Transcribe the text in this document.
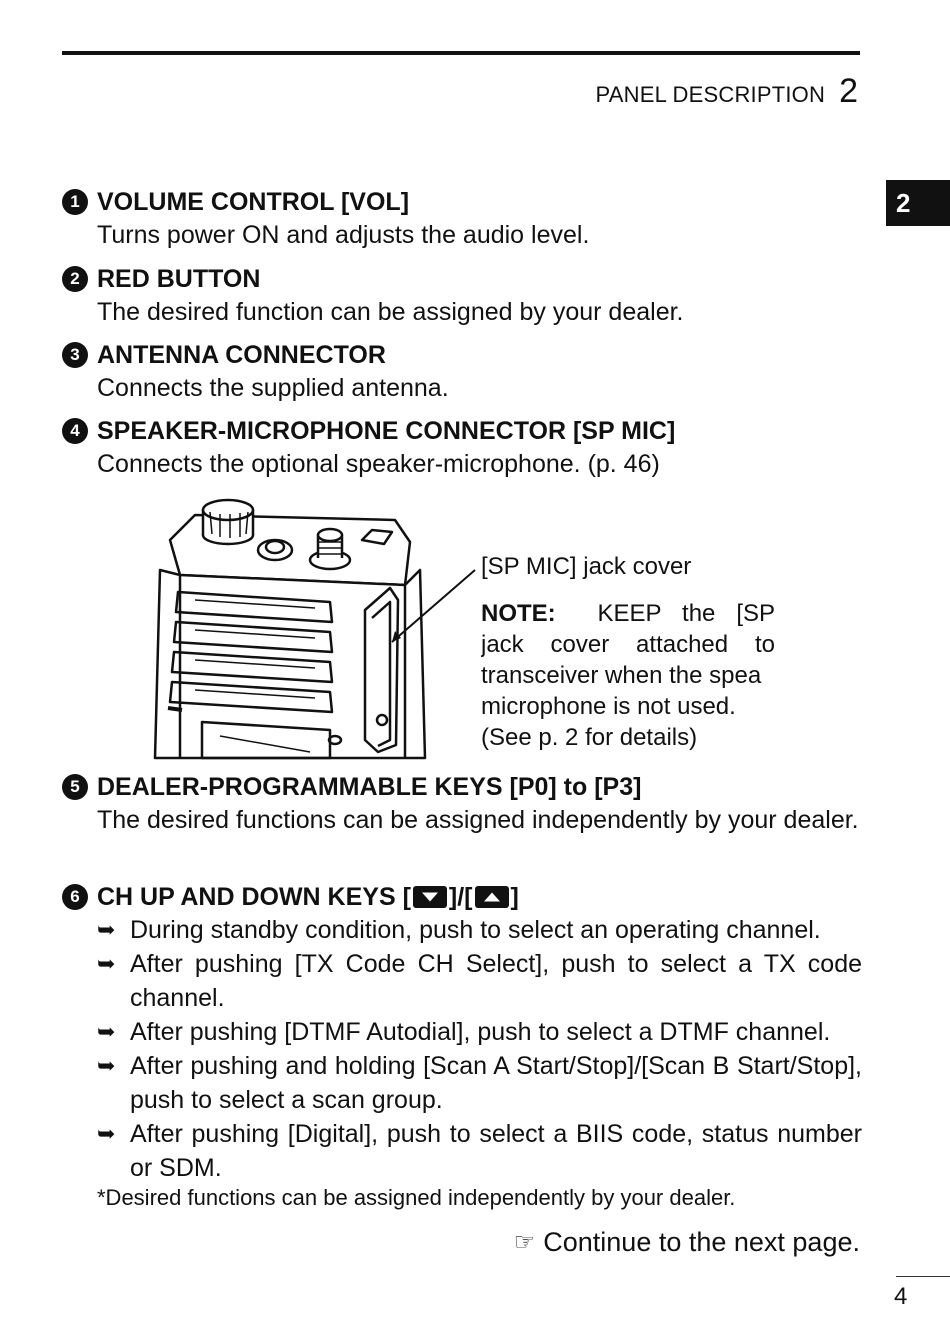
PANEL DESCRIPTION 2
2
1 VOLUME CONTROL [VOL]
Turns power ON and adjusts the audio level.
2 RED BUTTON
The desired function can be assigned by your dealer.
3 ANTENNA CONNECTOR
Connects the supplied antenna.
4 SPEAKER-MICROPHONE CONNECTOR [SP MIC]
Connects the optional speaker-microphone. (p. 46)
[SP MIC] jack cover
NOTE: KEEP the [SP
jack cover attached to
transceiver when the spea
microphone is not used.
(See p. 2 for details)
5 DEALER-PROGRAMMABLE KEYS [P0] to [P3]
The desired functions can be assigned independently by your dealer.
6 CH UP AND DOWN KEYS [ ]/[ ]
➥ During standby condition, push to select an operating channel.
➥ After pushing [TX Code CH Select], push to select a TX code channel.
➥ After pushing [DTMF Autodial], push to select a DTMF channel.
➥ After pushing and holding [Scan A Start/Stop]/[Scan B Start/Stop], push to select a scan group.
➥ After pushing [Digital], push to select a BIIS code, status number or SDM.
*Desired functions can be assigned independently by your dealer.
☞ Continue to the next page.
4
